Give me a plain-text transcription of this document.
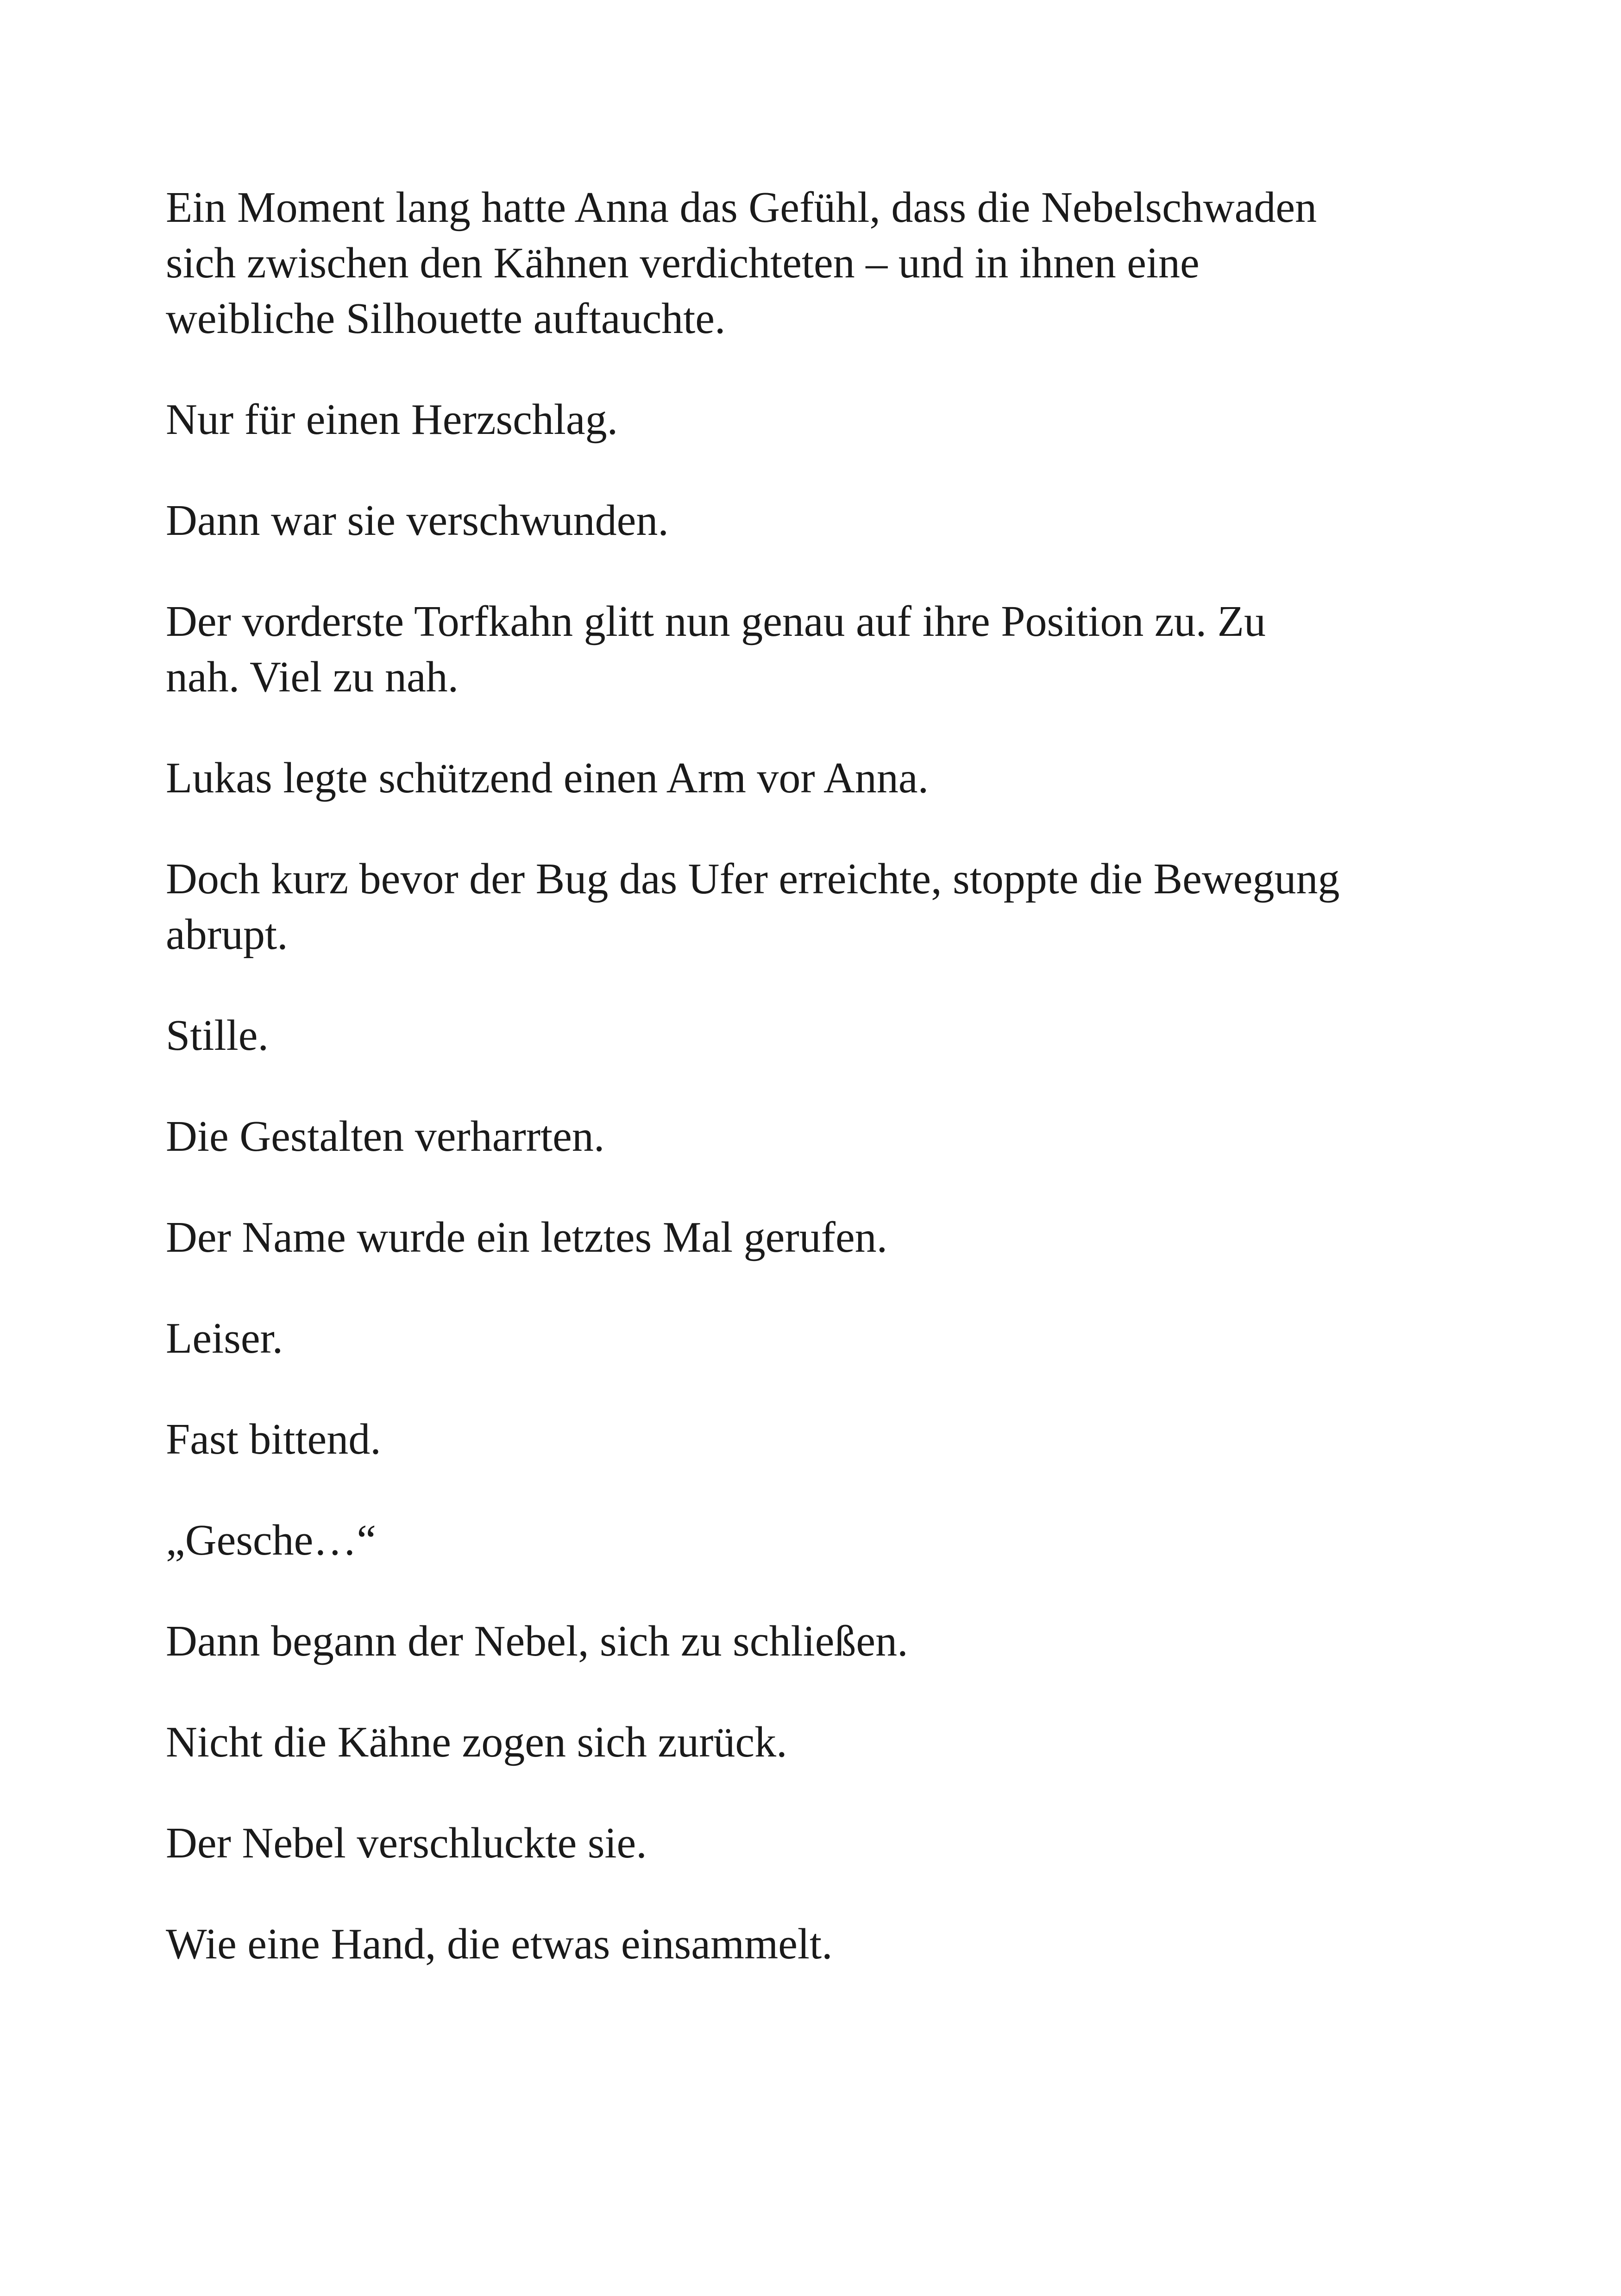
Ein Moment lang hatte Anna das Gefühl, dass die Nebelschwaden
sich zwischen den Kähnen verdichteten – und in ihnen eine
weibliche Silhouette auftauchte.

Nur für einen Herzschlag.

Dann war sie verschwunden.

Der vorderste Torfkahn glitt nun genau auf ihre Position zu. Zu
nah. Viel zu nah.

Lukas legte schützend einen Arm vor Anna.

Doch kurz bevor der Bug das Ufer erreichte, stoppte die Bewegung
abrupt.

Stille.

Die Gestalten verharrten.

Der Name wurde ein letztes Mal gerufen.

Leiser.

Fast bittend.

„Gesche…“

Dann begann der Nebel, sich zu schließen.

Nicht die Kähne zogen sich zurück.

Der Nebel verschluckte sie.

Wie eine Hand, die etwas einsammelt.
